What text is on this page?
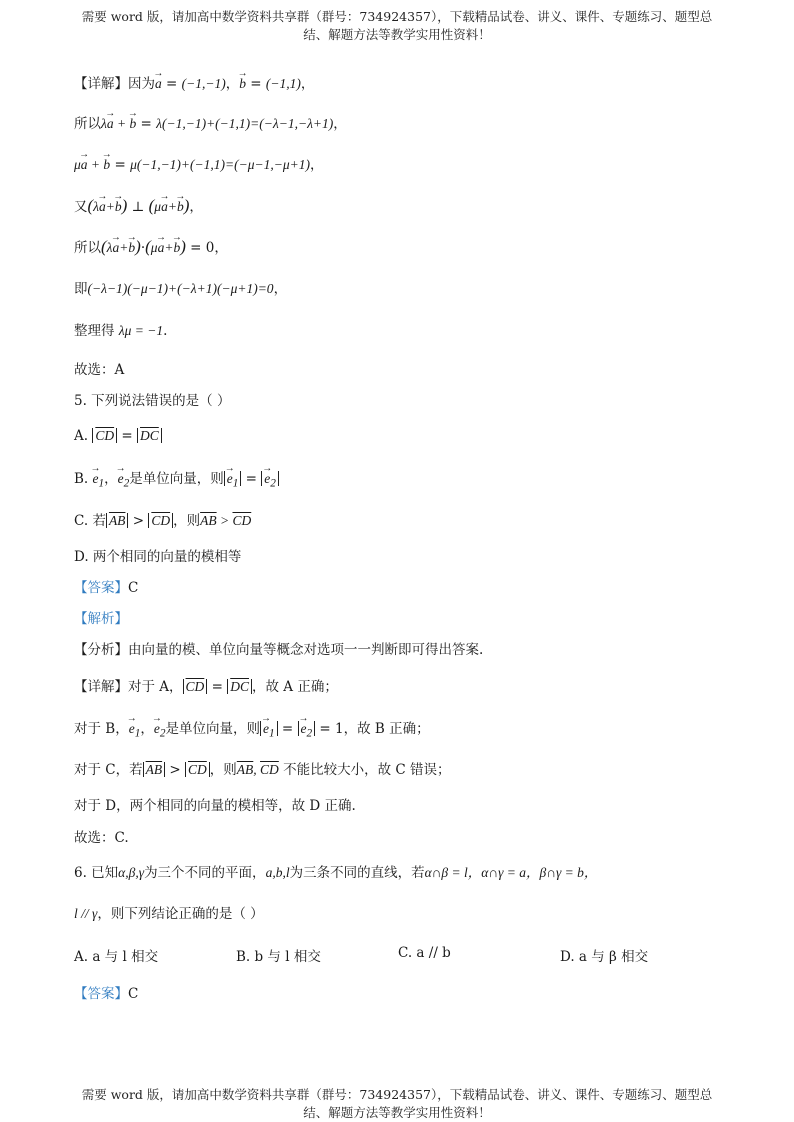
需要 word 版，请加高中数学资料共享群（群号：734924357），下载精品试卷、讲义、课件、专题练习、题型总
结、解题方法等教学实用性资料！
【详解】因为→ a = (−1,−1)，→ b = (−1,1)，
所以λ→ a + → b = λ(−1,−1)+(−1,1)=(−λ−1,−λ+1)，
μ→ a + → b = μ(−1,−1)+(−1,1)=(−μ−1,−μ+1)，
又(λ→ a+→ b) ⊥ (μ→ a+→ b)，
所以(λ→ a+→ b)·(μ→ a+→ b) = 0，
即(−λ−1)(−μ−1)+(−λ+1)(−μ+1)=0，
整理得 λμ = −1.
故选：A
5. 下列说法错误的是（ ）
A. $\overline{CD} = \overline{DC}$
B. → $e_1$，→ $e_2$是单位向量，则 → $e_1$ = → $e_2$
C. 若 $\overline{AB} > \overline{CD}$ ，则$\overline{AB} > \overline{CD}$
D. 两个相同的向量的模相等
【答案】C
【解析】
【分析】由向量的模、单位向量等概念对选项一一判断即可得出答案.
【详解】对于 A， $\overline{CD} = \overline{DC}$ ，故 A 正确；
对于 B，→ $e_1$，→ $e_2$是单位向量，则 → $e_1$ = → $e_2 = 1$，故 B 正确；
对于 C，若 $\overline{AB} > \overline{CD}$ ，则$\overline{AB}$, $\overline{CD}$ 不能比较大小，故 C 错误；
对于 D，两个相同的向量的模相等，故 D 正确.
故选：C.
6. 已知α,β,γ为三个不同的平面，a,b,l为三条不同的直线，若α∩β = l，α∩γ = a，β∩γ = b，
l // γ，则下列结论正确的是（ ）
A. a 与 l 相交	B. b 与 l 相交	C. a // b	D. a 与 β 相交
【答案】C
需要 word 版，请加高中数学资料共享群（群号：734924357），下载精品试卷、讲义、课件、专题练习、题型总
结、解题方法等教学实用性资料！
